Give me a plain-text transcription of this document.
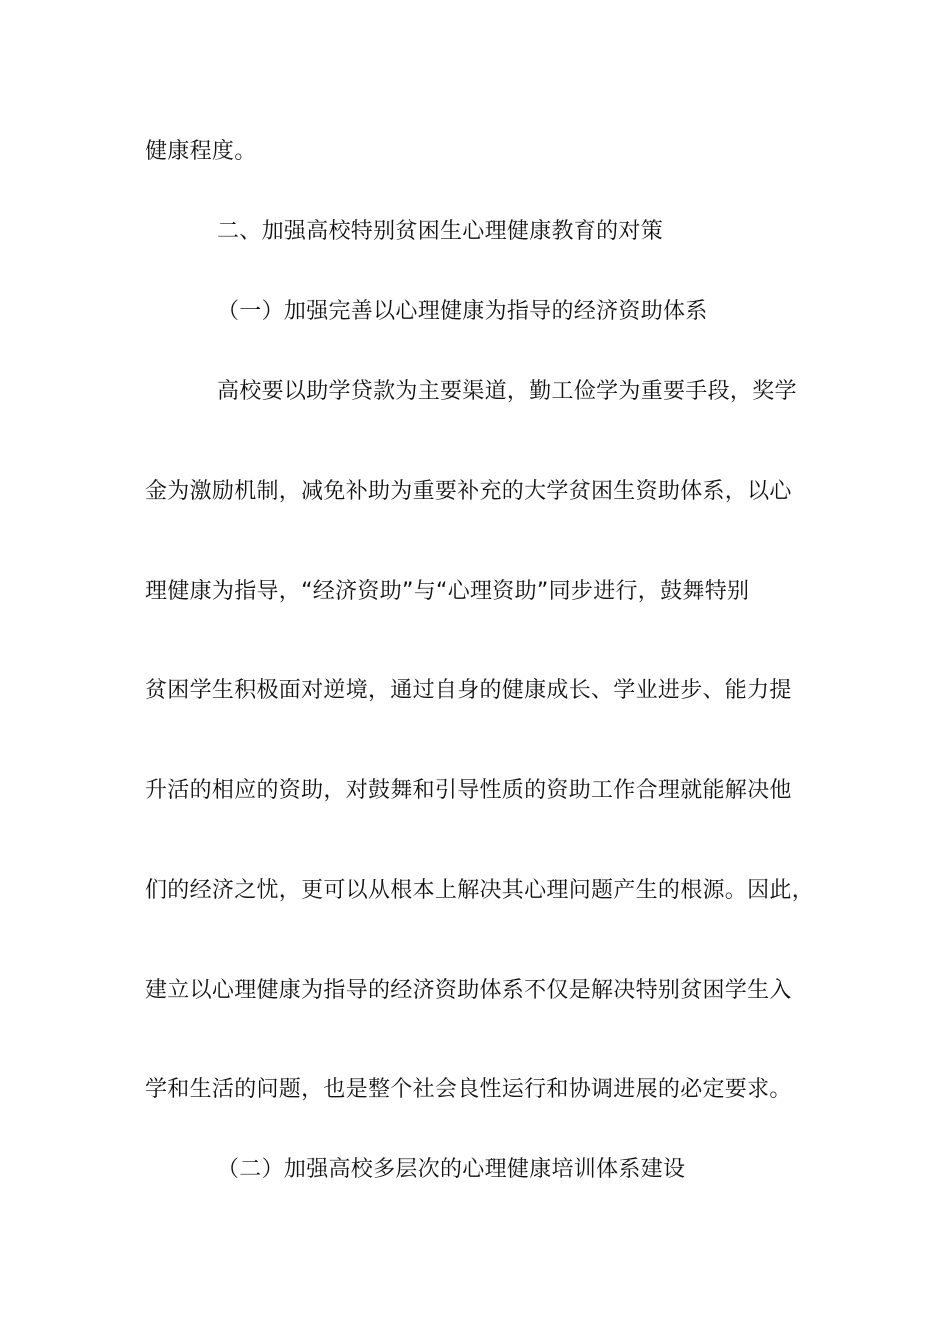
健康程度。
二、加强高校特别贫困生心理健康教育的对策
（一）加强完善以心理健康为指导的经济资助体系
高校要以助学贷款为主要渠道，勤工俭学为重要手段，奖学
金为激励机制，减免补助为重要补充的大学贫困生资助体系，以心
理健康为指导，“经济资助”与“心理资助”同步进行，鼓舞特别
贫困学生积极面对逆境，通过自身的健康成长、学业进步、能力提
升活的相应的资助，对鼓舞和引导性质的资助工作合理就能解决他
们的经济之忧，更可以从根本上解决其心理问题产生的根源。因此，
建立以心理健康为指导的经济资助体系不仅是解决特别贫困学生入
学和生活的问题，也是整个社会良性运行和协调进展的必定要求。
（二）加强高校多层次的心理健康培训体系建设
